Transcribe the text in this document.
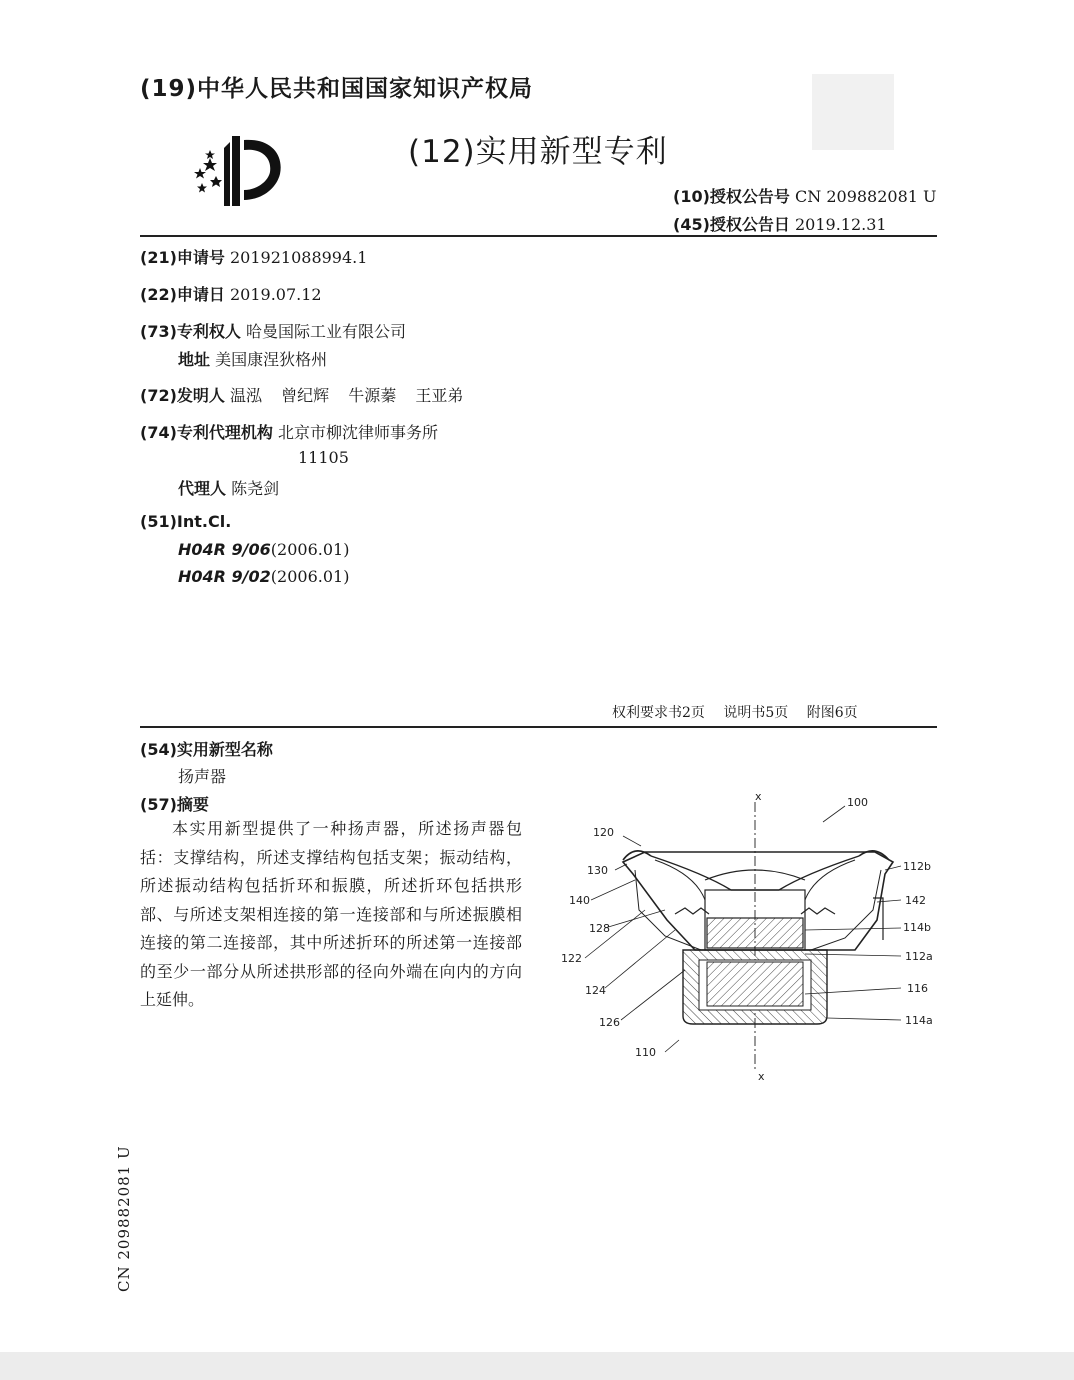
(19)中华人民共和国国家知识产权局
(12)实用新型专利
(10)授权公告号 CN 209882081 U
(45)授权公告日 2019.12.31
(21)申请号 201921088994.1
(22)申请日 2019.07.12
(73)专利权人 哈曼国际工业有限公司
地址 美国康涅狄格州
(72)发明人 温泓 曾纪辉 牛源蓁 王亚弟
(74)专利代理机构 北京市柳沈律师事务所
11105
代理人 陈尧剑
(51)Int.Cl.
H04R 9/06(2006.01)
H04R 9/02(2006.01)
权利要求书2页 说明书5页 附图6页
(54)实用新型名称
扬声器
(57)摘要
本实用新型提供了一种扬声器，所述扬声器包括：支撑结构，所述支撑结构包括支架；振动结构，所述振动结构包括折环和振膜，所述折环包括拱形部、与所述支架相连接的第一连接部和与所述振膜相连接的第二连接部，其中所述折环的所述第一连接部的至少一部分从所述拱形部的径向外端在向内的方向上延伸。
x
x
100
120
130
140
128
122
124
126
110
112b
142
114b
112a
116
114a
CN 209882081 U
